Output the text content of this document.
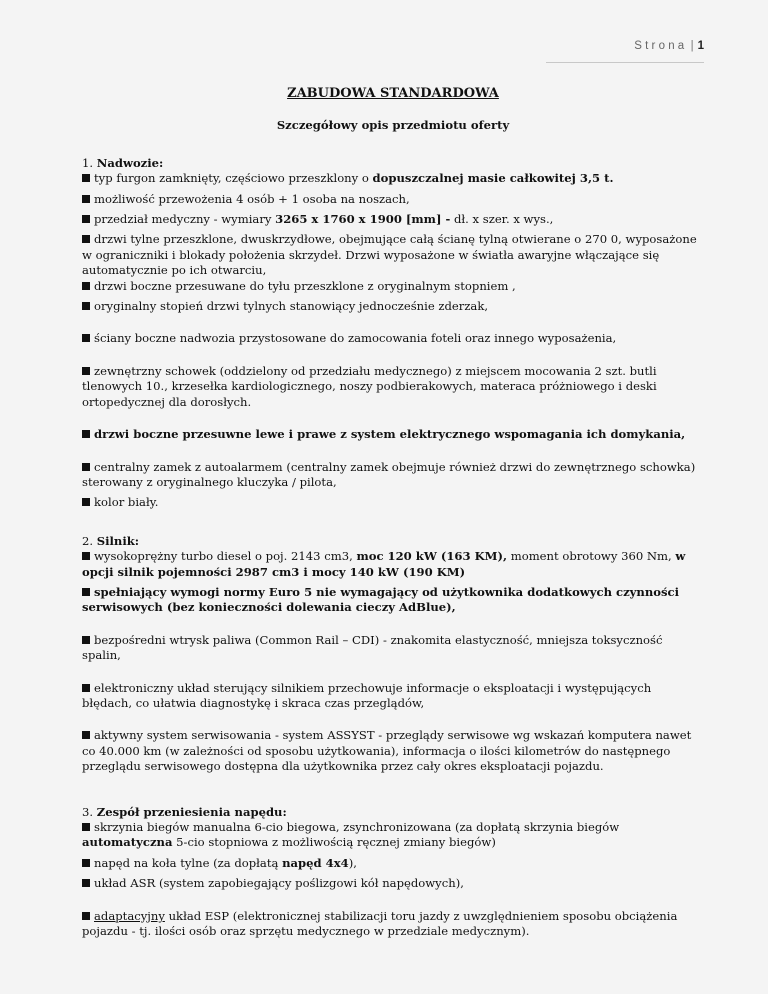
Strona | 1
ZABUDOWA STANDARDOWA
Szczegółowy opis przedmiotu oferty
1. Nadwozie:
typ furgon zamknięty, częściowo przeszklony o dopuszczalnej masie całkowitej 3,5 t.
możliwość przewożenia 4 osób + 1 osoba na noszach,
przedział medyczny - wymiary 3265 x 1760 x 1900 [mm] - dł. x szer. x wys.,
drzwi tylne przeszklone, dwuskrzydłowe, obejmujące całą ścianę tylną otwierane o 270 0, wyposażone w ograniczniki i blokady położenia skrzydeł. Drzwi wyposażone w światła awaryjne włączające się automatycznie po ich otwarciu,
drzwi boczne przesuwane do tyłu przeszklone z oryginalnym stopniem ,
oryginalny stopień drzwi tylnych stanowiący jednocześnie zderzak,
ściany boczne nadwozia przystosowane do zamocowania foteli oraz innego wyposażenia,
zewnętrzny schowek (oddzielony od przedziału medycznego) z miejscem mocowania 2 szt. butli tlenowych 10., krzesełka kardiologicznego, noszy podbierakowych, materaca próżniowego i deski ortopedycznej dla dorosłych.
drzwi boczne przesuwne lewe i prawe z system elektrycznego wspomagania ich domykania,
centralny zamek z autoalarmem (centralny zamek obejmuje również drzwi do zewnętrznego schowka) sterowany z oryginalnego kluczyka / pilota,
kolor biały.
2. Silnik:
wysokoprężny turbo diesel o poj. 2143 cm3, moc 120 kW (163 KM), moment obrotowy 360 Nm, w opcji silnik pojemności 2987 cm3 i mocy 140 kW (190 KM)
spełniający wymogi normy Euro 5 nie wymagający od użytkownika dodatkowych czynności serwisowych (bez konieczności dolewania cieczy AdBlue),
bezpośredni wtrysk paliwa (Common Rail – CDI) - znakomita elastyczność, mniejsza toksyczność spalin,
elektroniczny układ sterujący silnikiem przechowuje informacje o eksploatacji i występujących błędach, co ułatwia diagnostykę i skraca czas przeglądów,
aktywny system serwisowania - system ASSYST - przeglądy serwisowe wg wskazań komputera nawet co 40.000 km (w zależności od sposobu użytkowania), informacja o ilości kilometrów do następnego przeglądu serwisowego dostępna dla użytkownika przez cały okres eksploatacji pojazdu.
3. Zespół przeniesienia napędu:
skrzynia biegów manualna 6-cio biegowa, zsynchronizowana (za dopłatą skrzynia biegów automatyczna 5-cio stopniowa z możliwością ręcznej zmiany biegów)
napęd na koła tylne (za dopłatą napęd 4x4),
układ ASR (system zapobiegający poślizgowi kół napędowych),
adaptacyjny układ ESP (elektronicznej stabilizacji toru jazdy z uwzględnieniem sposobu obciążenia pojazdu - tj. ilości osób oraz sprzętu medycznego w przedziale medycznym).
